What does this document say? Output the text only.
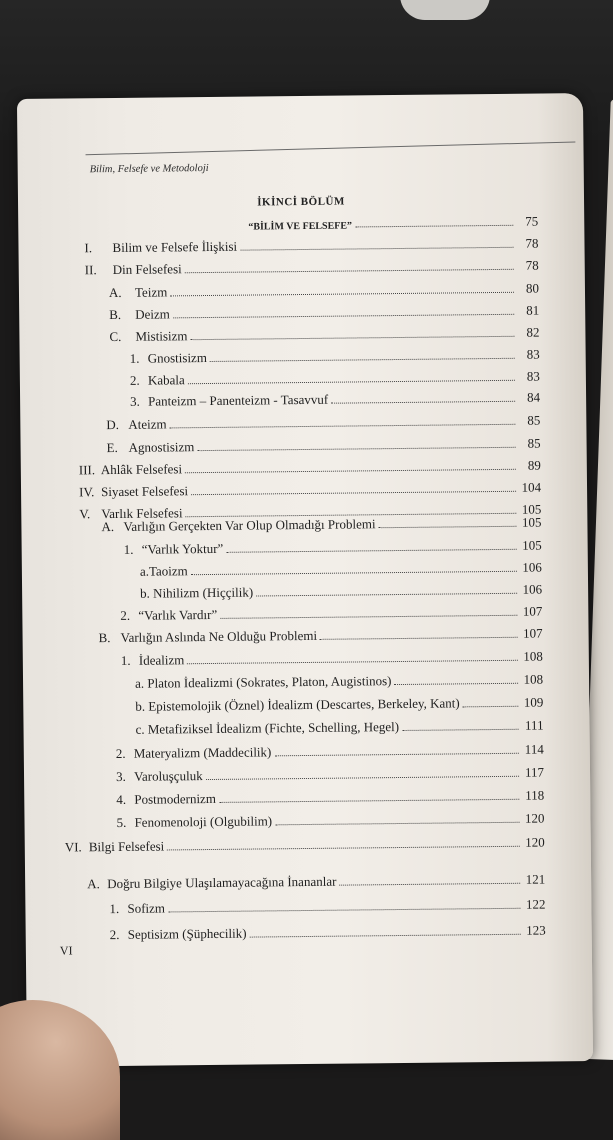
Bilim, Felsefe ve Metodoloji
İKİNCİ BÖLÜM
“BİLİM VE FELSEFE”	75
I.	Bilim ve Felsefe İlişkisi	78
II.	Din Felsefesi	78
A.	Teizm	80
B.	Deizm	81
C.	Mistisizm	82
1. Gnostisizm	83
2. Kabala	83
3. Panteizm – Panenteizm - Tasavvuf	84
D. Ateizm	85
E. Agnostisizm	85
III. Ahlâk Felsefesi	89
IV. Siyaset Felsefesi	104
V. Varlık Felsefesi	105
A. Varlığın Gerçekten Var Olup Olmadığı Problemi	105
1. “Varlık Yoktur”	105
a.Taoizm	106
b. Nihilizm (Hiççilik)	106
2. “Varlık Vardır”	107
B. Varlığın Aslında Ne Olduğu Problemi	107
1. İdealizm	108
a. Platon İdealizmi (Sokrates, Platon, Augistinos)	108
b. Epistemolojik (Öznel) İdealizm (Descartes, Berkeley, Kant)	109
c. Metafiziksel İdealizm (Fichte, Schelling, Hegel)	111
2. Materyalizm (Maddecilik)	114
3. Varoluşçuluk	117
4. Postmodernizm	118
5. Fenomenoloji (Olgubilim)	120
VI. Bilgi Felsefesi	120
A. Doğru Bilgiye Ulaşılamayacağına İnananlar	121
1. Sofizm	122
2. Septisizm (Şüphecilik)	123
VI
